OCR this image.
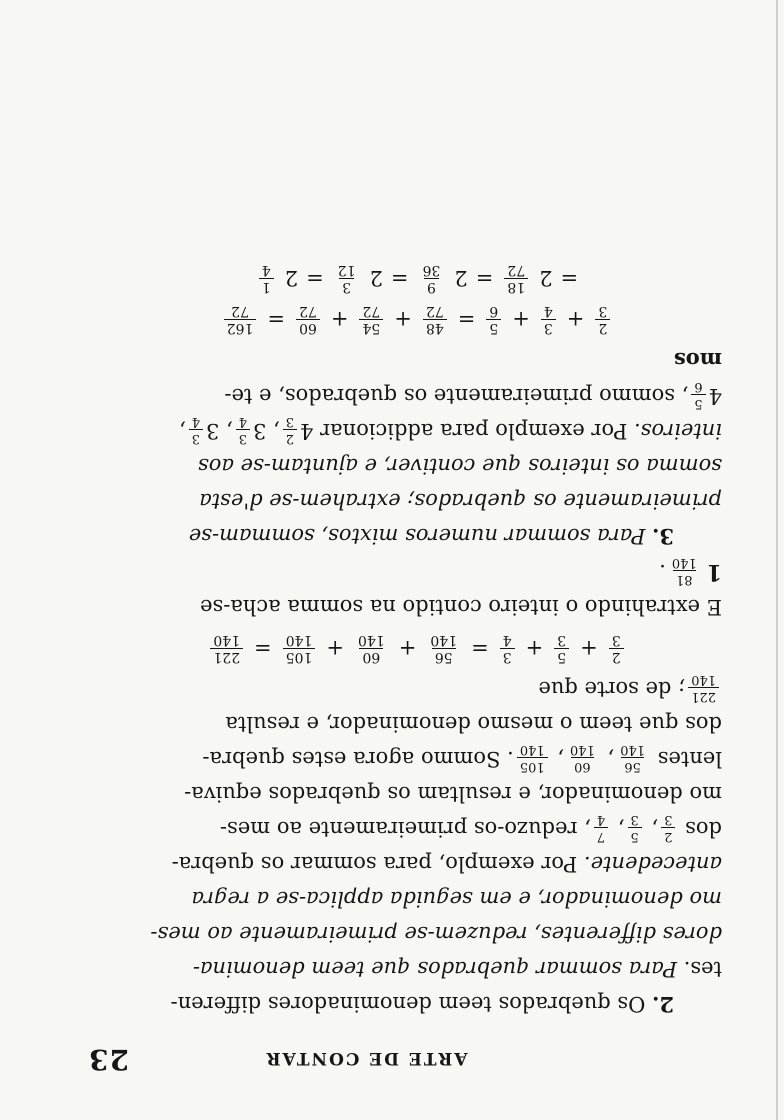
ARTE DE CONTAR
23

2. Os quebrados teem denominadores differen-

tes. Para sommar quebrados que teem denomina-

dores differentes, reduzem-se primeiramente ao mes-

mo denominador, e em seguida applica-se a regra

antecedente. Por exemplo, para sommar os quebra-

dos
2
3
,
5
3
,
7
4
, reduzo-os primeiramente ao mes-

mo denominador, e resultam os quebrados equiva-

lentes
56
140
,
60
140
,
105
140
. Sommo agora estes quebra-

dos que teem o mesmo denominador, e resulta

221
140
; de sorte que

2
3
+
5
3
+
3
4
=
56
140
+
60
140
+
105
140
=
221
140

E extrahindo o inteiro contido na somma acha-se

1
81
140
.

3. Para sommar numeros mixtos, sommam-se

primeiramente os quebrados; extrahem-se d'esta

somma os inteiros que contiver, e ajuntam-se aos

inteiros. Por exemplo para addicionar 4
2
3
, 3
3
4
, 3
3
4
,

4
5
6
, sommo primeiramente os quebrados, e te-

mos

2
3
+
3
4
+
5
6
=
48
72
+
54
72
+
60
72
=
162
72
=
2
18
72
=
2
9
36
=
2
3
12
=
2
1
4
